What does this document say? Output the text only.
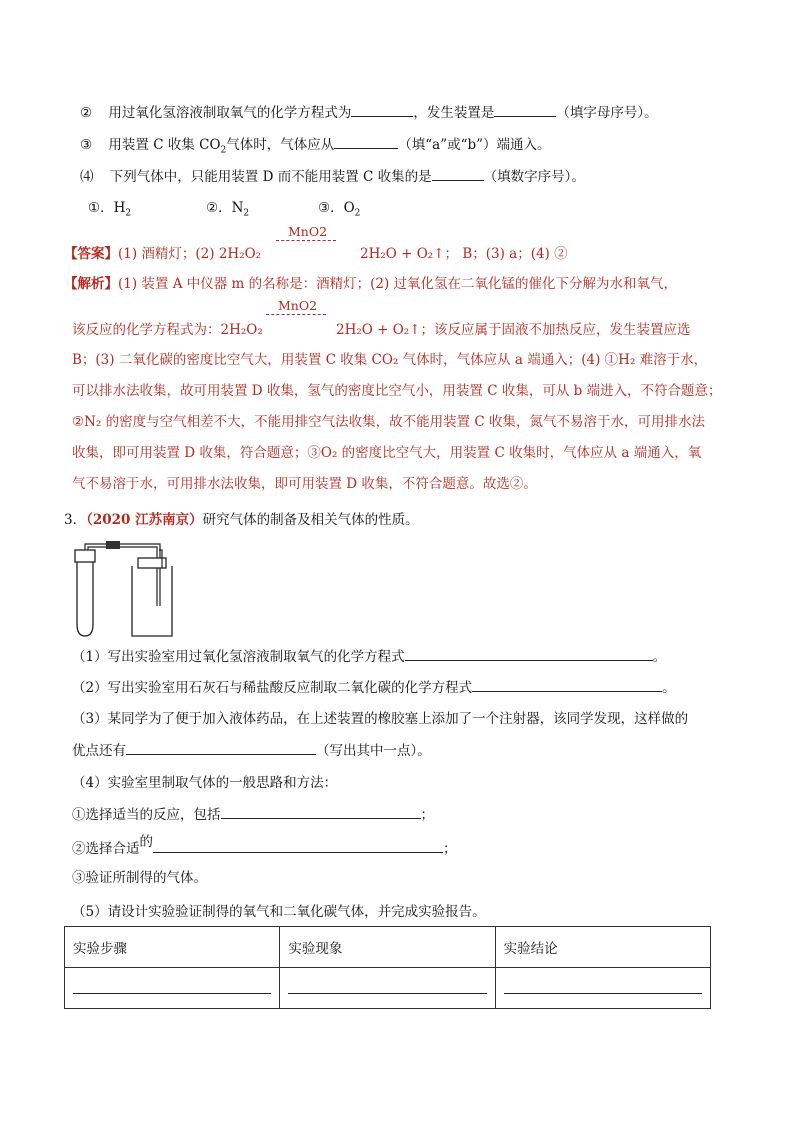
② 用过氧化氢溶液制取氧气的化学方程式为	，发生装置是	（填字母序号）。
③ 用装置 C 收集 $CO_2$气体时，气体应从	（填“a”或“b”）端通入。
⑷ 下列气体中，只能用装置 D 而不能用装置 C 收集的是	（填数字序号）。
①．$H_2$	②．$N_2$	③．$O_2$
MnO2
【答案】(1) 酒精灯；(2) 2H₂O₂	2H₂O + O₂↑； B；(3) a；(4) ②
【解析】(1) 装置 A 中仪器 m 的名称是：酒精灯；(2) 过氧化氢在二氧化锰的催化下分解为水和氧气，
MnO2
该反应的化学方程式为：2H₂O₂	2H₂O + O₂↑；该反应属于固液不加热反应，发生装置应选
B；(3) 二氧化碳的密度比空气大，用装置 C 收集 CO₂ 气体时，气体应从 a 端通入；(4) ①H₂ 难溶于水，
可以排水法收集，故可用装置 D 收集，氢气的密度比空气小，用装置 C 收集，可从 b 端进入，不符合题意；
②N₂ 的密度与空气相差不大，不能用排空气法收集，故不能用装置 C 收集，氮气不易溶于水，可用排水法
收集，即可用装置 D 收集，符合题意；③O₂ 的密度比空气大，用装置 C 收集时，气体应从 a 端通入，氧
气不易溶于水，可用排水法收集，即可用装置 D 收集，不符合题意。故选②。
3．（2020 江苏南京）研究气体的制备及相关气体的性质。
（1）写出实验室用过氧化氢溶液制取氧气的化学方程式	。
（2）写出实验室用石灰石与稀盐酸反应制取二氧化碳的化学方程式	。
（3）某同学为了便于加入液体药品，在上述装置的橡胶塞上添加了一个注射器，该同学发现，这样做的
优点还有	（写出其中一点）。
（4）实验室里制取气体的一般思路和方法：
①选择适当的反应，包括	；
②选择合适的	；
③验证所制得的气体。
（5）请设计实验验证制得的氧气和二氧化碳气体，并完成实验报告。
实验步骤	实验现象	实验结论
